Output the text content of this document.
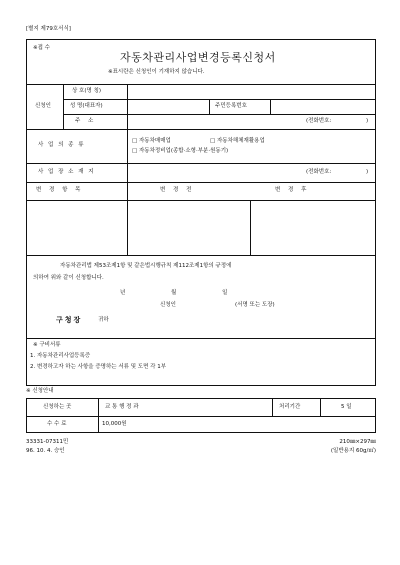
[별지 제79호서식]
※접 수
자동차관리사업변경등록신청서
※표시란은 신청인이 기재하지 않습니다.
신청인
상 호(명 칭)
성 명(대표자)	주민등록번호
주 소	(전화번호:	)
사 업 의 종 류
□ 자동차매매업	□ 자동차해체재활용업
□ 자동차정비업(종합·소형·부분·원동기)
사 업 장 소 재 지	(전화번호:	)
변 경 항 목	변 경 전	변 경 후
자동차관리법 제53조제1항 및 같은법시행규칙 제112조제1항의 규정에
의하여 위와 같이 신청합니다.
년 월 일
신청인	(서명 또는 도장)
구청장	귀하
※ 구비서류
1. 자동차관리사업등록증
2. 변경하고자 하는 사항을 증명하는 서류 및 도면 각 1부
※ 신청안내
신청하는 곳	교 통 행 정 과	처리기간	5 일
수 수 료	10,000원
33331-07311민
96. 10. 4. 승인
210㎜×297㎜
(일반용지 60g/㎡)
